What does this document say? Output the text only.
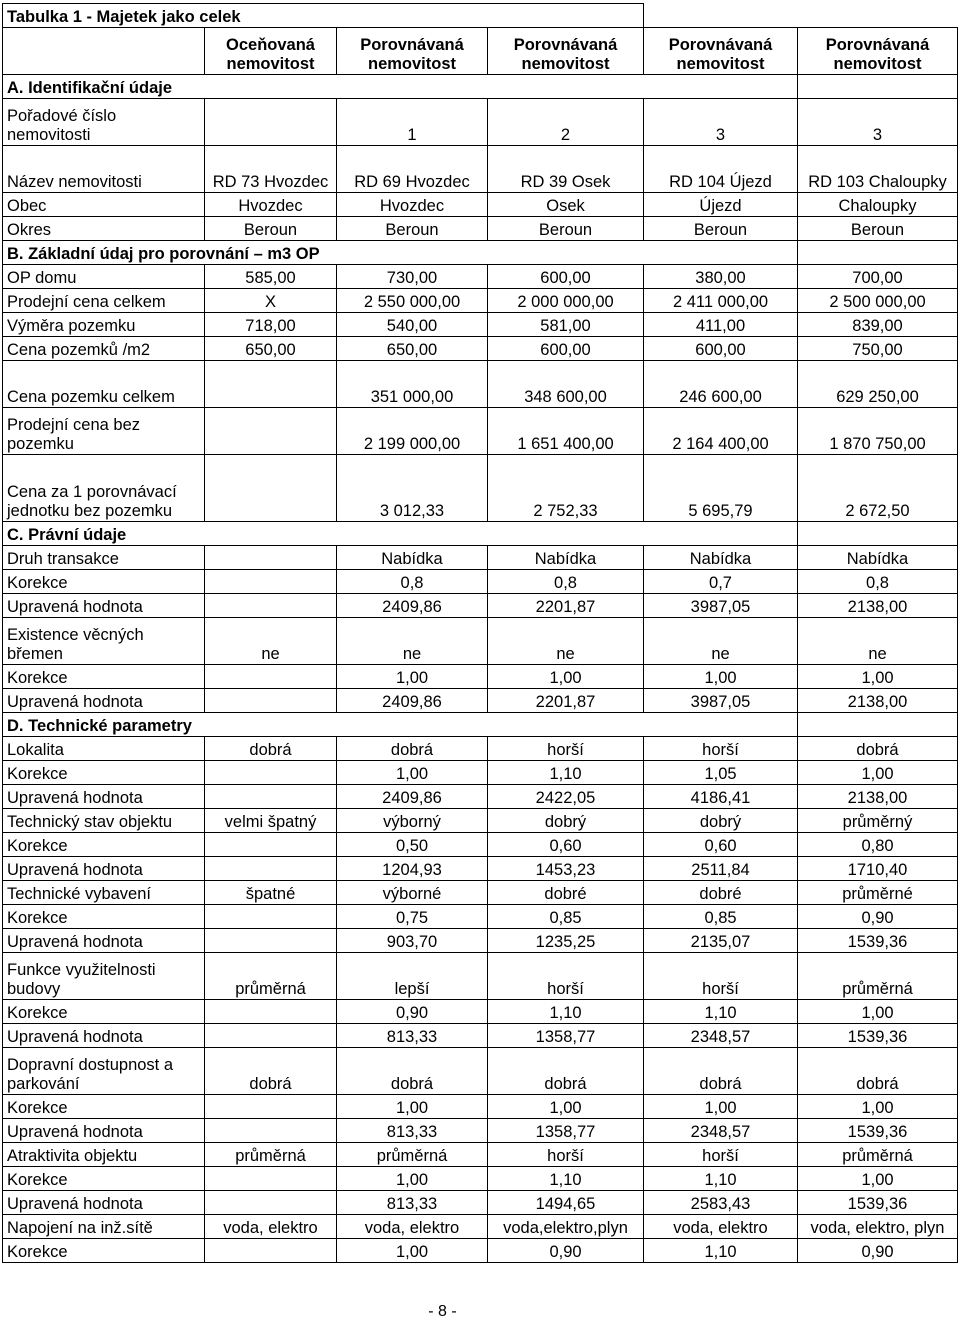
Tabulka 1 - Majetek jako celek					
	Oceňovaná nemovitost	Porovnávaná nemovitost	Porovnávaná nemovitost	Porovnávaná nemovitost	Porovnávaná nemovitost
A. Identifikační údaje					
Pořadové číslo nemovitosti		1	2	3	3
Název nemovitosti	RD 73 Hvozdec	RD 69 Hvozdec	RD 39 Osek	RD 104 Újezd	RD 103 Chaloupky
Obec	Hvozdec	Hvozdec	Osek	Újezd	Chaloupky
Okres	Beroun	Beroun	Beroun	Beroun	Beroun
B. Základní údaj pro porovnání – m3 OP					
OP domu	585,00	730,00	600,00	380,00	700,00
Prodejní cena celkem	X	2 550 000,00	2 000 000,00	2 411 000,00	2 500 000,00
Výměra pozemku	718,00	540,00	581,00	411,00	839,00
Cena pozemků /m2	650,00	650,00	600,00	600,00	750,00
Cena pozemku celkem		351 000,00	348 600,00	246 600,00	629 250,00
Prodejní cena bez pozemku		2 199 000,00	1 651 400,00	2 164 400,00	1 870 750,00
Cena za 1 porovnávací jednotku bez pozemku		3 012,33	2 752,33	5 695,79	2 672,50
C. Právní údaje					
Druh transakce		Nabídka	Nabídka	Nabídka	Nabídka
Korekce		0,8	0,8	0,7	0,8
Upravená hodnota		2409,86	2201,87	3987,05	2138,00
Existence věcných břemen	ne	ne	ne	ne	ne
Korekce		1,00	1,00	1,00	1,00
Upravená hodnota		2409,86	2201,87	3987,05	2138,00
D. Technické parametry					
Lokalita	dobrá	dobrá	horší	horší	dobrá
Korekce		1,00	1,10	1,05	1,00
Upravená hodnota		2409,86	2422,05	4186,41	2138,00
Technický stav objektu	velmi špatný	výborný	dobrý	dobrý	průměrný
Korekce		0,50	0,60	0,60	0,80
Upravená hodnota		1204,93	1453,23	2511,84	1710,40
Technické vybavení	špatné	výborné	dobré	dobré	průměrné
Korekce		0,75	0,85	0,85	0,90
Upravená hodnota		903,70	1235,25	2135,07	1539,36
Funkce využitelnosti budovy	průměrná	lepší	horší	horší	průměrná
Korekce		0,90	1,10	1,10	1,00
Upravená hodnota		813,33	1358,77	2348,57	1539,36
Dopravní dostupnost a parkování	dobrá	dobrá	dobrá	dobrá	dobrá
Korekce		1,00	1,00	1,00	1,00
Upravená hodnota		813,33	1358,77	2348,57	1539,36
Atraktivita objektu	průměrná	průměrná	horší	horší	průměrná
Korekce		1,00	1,10	1,10	1,00
Upravená hodnota		813,33	1494,65	2583,43	1539,36
Napojení na inž.sítě	voda, elektro	voda, elektro	voda,elektro,plyn	voda, elektro	voda, elektro, plyn
Korekce		1,00	0,90	1,10	0,90
- 8 -
